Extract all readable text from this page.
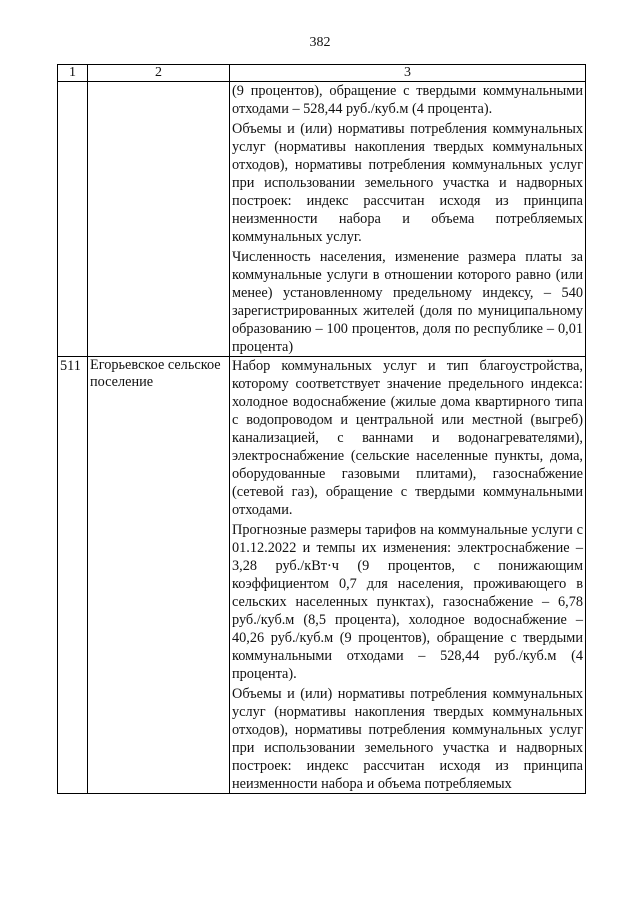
382
1	2	3

		(9 процентов), обращение с твердыми коммунальными отходами – 528,44 руб./куб.м (4 процента).

Объемы и (или) нормативы потребления коммунальных услуг (нормативы накопления твердых коммунальных отходов), нормативы потребления коммунальных услуг при использовании земельного участка и надворных построек: индекс рассчитан исходя из принципа неизменности набора и объема потребляемых коммунальных услуг.

Численность населения, изменение размера платы за коммунальные услуги в отношении которого равно (или менее) установленному предельному индексу, – 540 зарегистрированных жителей (доля по муниципальному образованию – 100 процентов, доля по республике – 0,01 процента)

511	Егорьевское сельское поселение	Набор коммунальных услуг и тип благоустройства, которому соответствует значение предельного индекса: холодное водоснабжение (жилые дома квартирного типа с водопроводом и центральной или местной (выгреб) канализацией, с ваннами и водонагревателями), электроснабжение (сельские населенные пункты, дома, оборудованные газовыми плитами), газоснабжение (сетевой газ), обращение с твердыми коммунальными отходами.

Прогнозные размеры тарифов на коммунальные услуги с 01.12.2022 и темпы их изменения: электроснабжение – 3,28 руб./кВт·ч (9 процентов, с понижающим коэффициентом 0,7 для населения, проживающего в сельских населенных пунктах), газоснабжение – 6,78 руб./куб.м (8,5 процента), холодное водоснабжение – 40,26 руб./куб.м (9 процентов), обращение с твердыми коммунальными отходами – 528,44 руб./куб.м (4 процента).

Объемы и (или) нормативы потребления коммунальных услуг (нормативы накопления твердых коммунальных отходов), нормативы потребления коммунальных услуг при использовании земельного участка и надворных построек: индекс рассчитан исходя из принципа неизменности набора и объема потребляемых
